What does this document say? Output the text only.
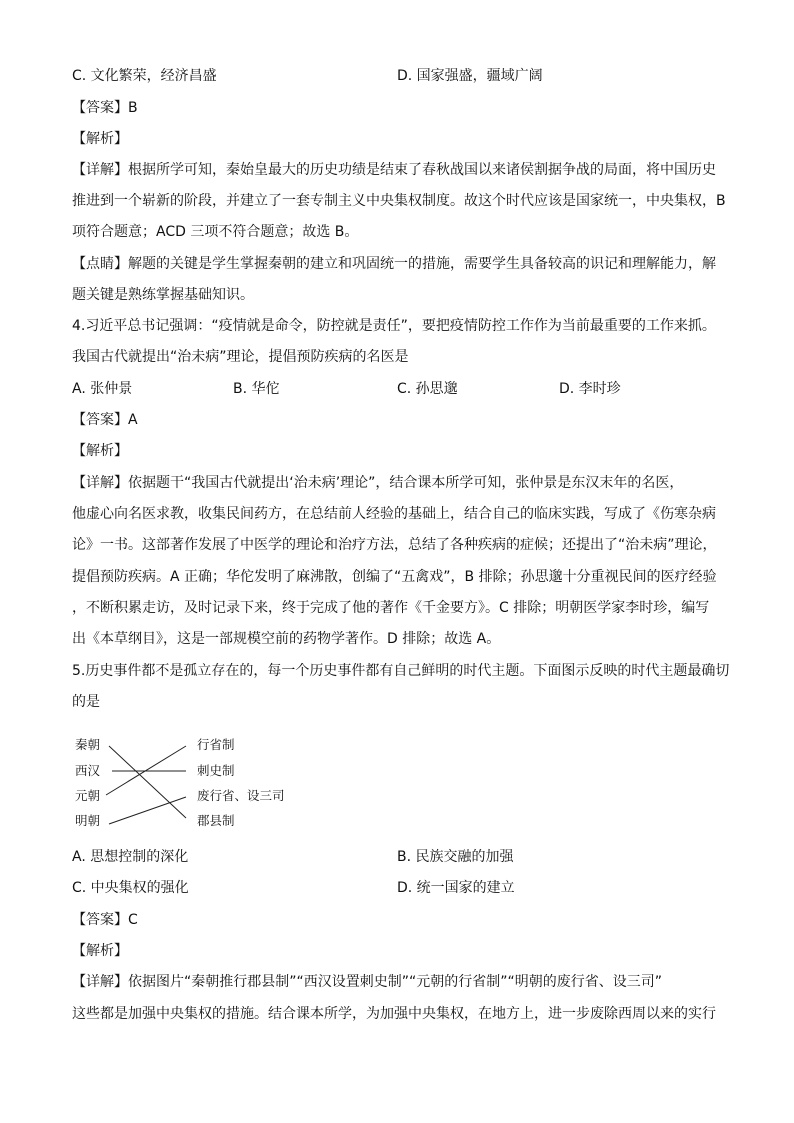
C. 文化繁荣，经济昌盛	D. 国家强盛，疆域广阔
【答案】B
【解析】
【详解】根据所学可知，秦始皇最大的历史功绩是结束了春秋战国以来诸侯割据争战的局面，将中国历史
推进到一个崭新的阶段，并建立了一套专制主义中央集权制度。故这个时代应该是国家统一，中央集权，B
项符合题意；ACD 三项不符合题意；故选 B。
【点睛】解题的关键是学生掌握秦朝的建立和巩固统一的措施，需要学生具备较高的识记和理解能力，解
题关键是熟练掌握基础知识。
4.习近平总书记强调：“疫情就是命令，防控就是责任”，要把疫情防控工作作为当前最重要的工作来抓。
我国古代就提出“治未病”理论，提倡预防疾病的名医是
A. 张仲景	B. 华佗	C. 孙思邈	D. 李时珍
【答案】A
【解析】
【详解】依据题干“我国古代就提出‘治未病’理论”，结合课本所学可知，张仲景是东汉末年的名医，
他虚心向名医求教，收集民间药方，在总结前人经验的基础上，结合自己的临床实践，写成了《伤寒杂病
论》一书。这部著作发展了中医学的理论和治疗方法，总结了各种疾病的症候；还提出了“治未病”理论，
提倡预防疾病。A 正确；华佗发明了麻沸散，创编了“五禽戏”，B 排除；孙思邈十分重视民间的医疗经验
，不断积累走访，及时记录下来，终于完成了他的著作《千金要方》。C 排除；明朝医学家李时珍，编写
出《本草纲目》，这是一部规模空前的药物学著作。D 排除；故选 A。
5.历史事件都不是孤立存在的，每一个历史事件都有自己鲜明的时代主题。下面图示反映的时代主题最确切
的是
秦朝
西汉
元朝
明朝
行省制
刺史制
废行省、设三司
郡县制
A. 思想控制的深化	B. 民族交融的加强
C. 中央集权的强化	D. 统一国家的建立
【答案】C
【解析】
【详解】依据图片“秦朝推行郡县制”“西汉设置刺史制”“元朝的行省制”“明朝的废行省、设三司”
这些都是加强中央集权的措施。结合课本所学，为加强中央集权，在地方上，进一步废除西周以来的实行
